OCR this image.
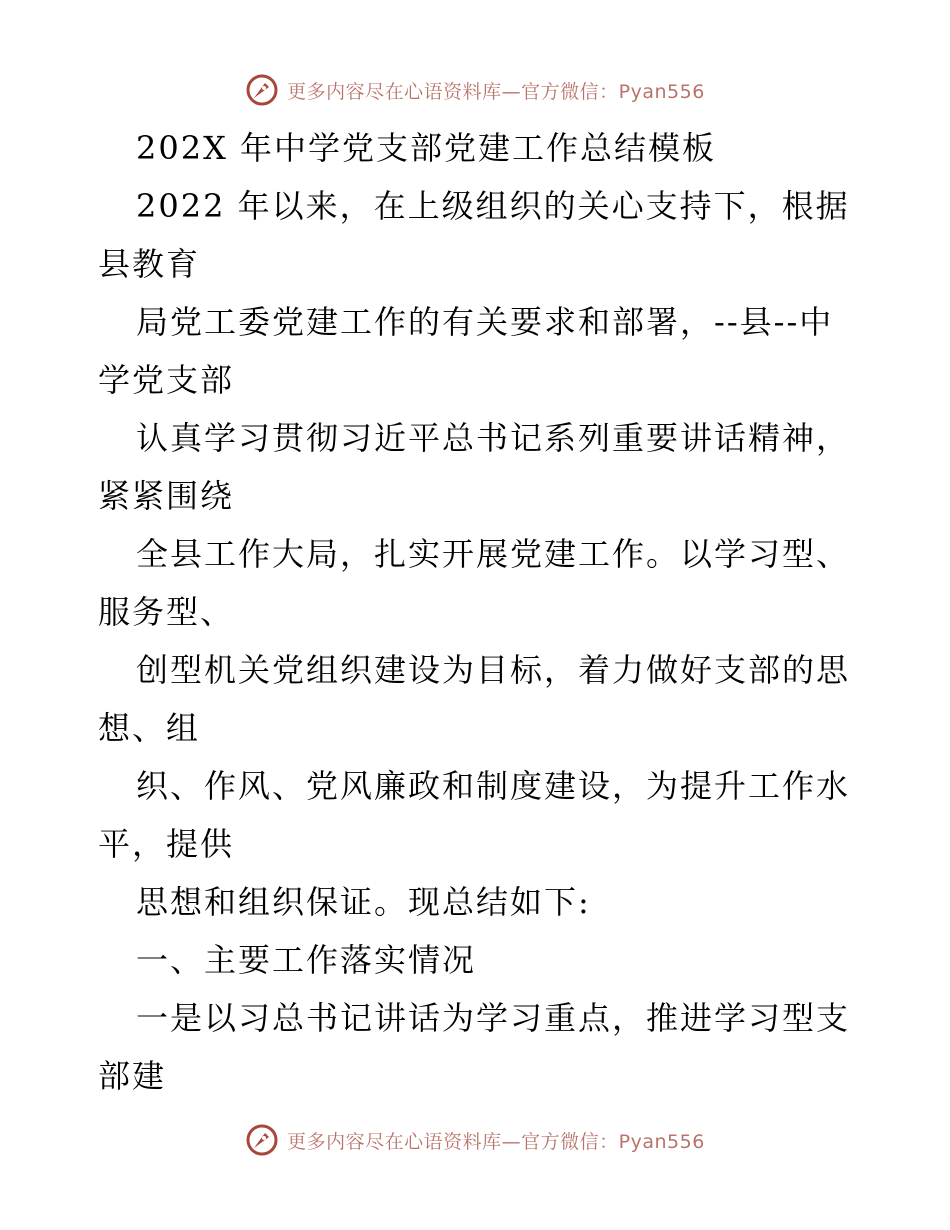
更多内容尽在心语资料库—官方微信：Pyan556
202X 年中学党支部党建工作总结模板
2022 年以来，在上级组织的关心支持下，根据
县教育
局党工委党建工作的有关要求和部署，--县--中
学党支部
认真学习贯彻习近平总书记系列重要讲话精神，
紧紧围绕
全县工作大局，扎实开展党建工作。以学习型、
服务型、
创型机关党组织建设为目标，着力做好支部的思
想、组
织、作风、党风廉政和制度建设，为提升工作水
平，提供
思想和组织保证。现总结如下:
一、主要工作落实情况
一是以习总书记讲话为学习重点，推进学习型支
部建
更多内容尽在心语资料库—官方微信：Pyan556
